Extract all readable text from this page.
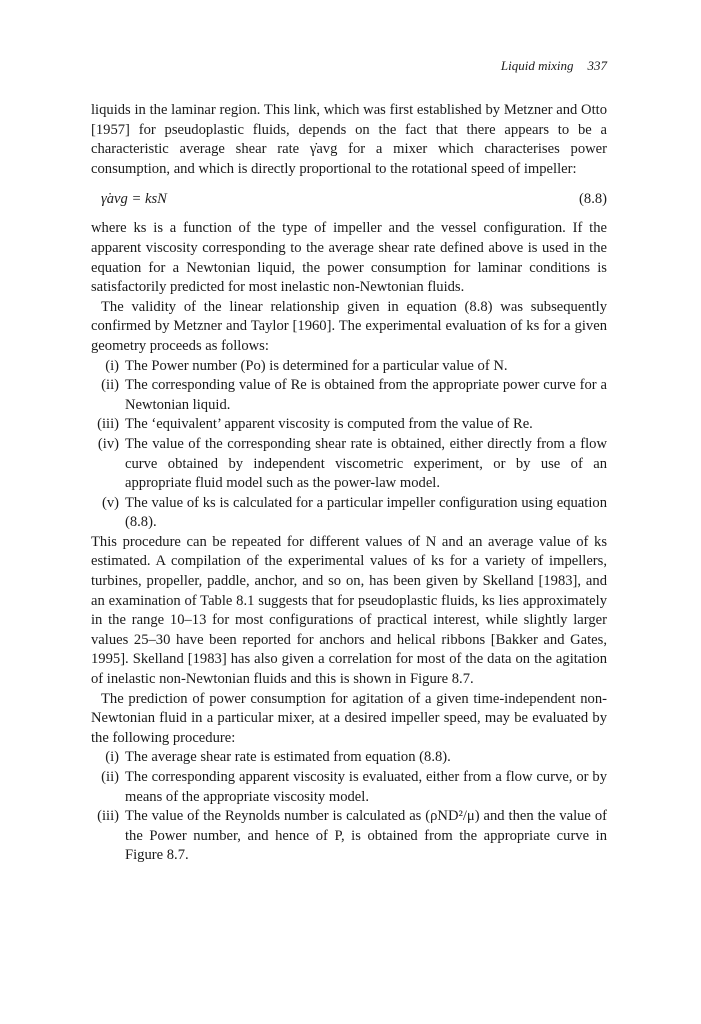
Liquid mixing 337

liquids in the laminar region. This link, which was first established by Metzner and Otto [1957] for pseudoplastic fluids, depends on the fact that there appears to be a characteristic average shear rate γ̇avg for a mixer which characterises power consumption, and which is directly proportional to the rotational speed of impeller:

γ̇avg = ksN	(8.8)

where ks is a function of the type of impeller and the vessel configuration. If the apparent viscosity corresponding to the average shear rate defined above is used in the equation for a Newtonian liquid, the power consumption for laminar conditions is satisfactorily predicted for most inelastic non-Newtonian fluids.

The validity of the linear relationship given in equation (8.8) was subsequently confirmed by Metzner and Taylor [1960]. The experimental evaluation of ks for a given geometry proceeds as follows:

(i) The Power number (Po) is determined for a particular value of N.
(ii) The corresponding value of Re is obtained from the appropriate power curve for a Newtonian liquid.
(iii) The ‘equivalent’ apparent viscosity is computed from the value of Re.
(iv) The value of the corresponding shear rate is obtained, either directly from a flow curve obtained by independent viscometric experiment, or by use of an appropriate fluid model such as the power-law model.
(v) The value of ks is calculated for a particular impeller configuration using equation (8.8).

This procedure can be repeated for different values of N and an average value of ks estimated. A compilation of the experimental values of ks for a variety of impellers, turbines, propeller, paddle, anchor, and so on, has been given by Skelland [1983], and an examination of Table 8.1 suggests that for pseudoplastic fluids, ks lies approximately in the range 10–13 for most configurations of practical interest, while slightly larger values 25–30 have been reported for anchors and helical ribbons [Bakker and Gates, 1995]. Skelland [1983] has also given a correlation for most of the data on the agitation of inelastic non-Newtonian fluids and this is shown in Figure 8.7.

The prediction of power consumption for agitation of a given time-independent non-Newtonian fluid in a particular mixer, at a desired impeller speed, may be evaluated by the following procedure:

(i) The average shear rate is estimated from equation (8.8).
(ii) The corresponding apparent viscosity is evaluated, either from a flow curve, or by means of the appropriate viscosity model.
(iii) The value of the Reynolds number is calculated as (ρND²/μ) and then the value of the Power number, and hence of P, is obtained from the appropriate curve in Figure 8.7.
